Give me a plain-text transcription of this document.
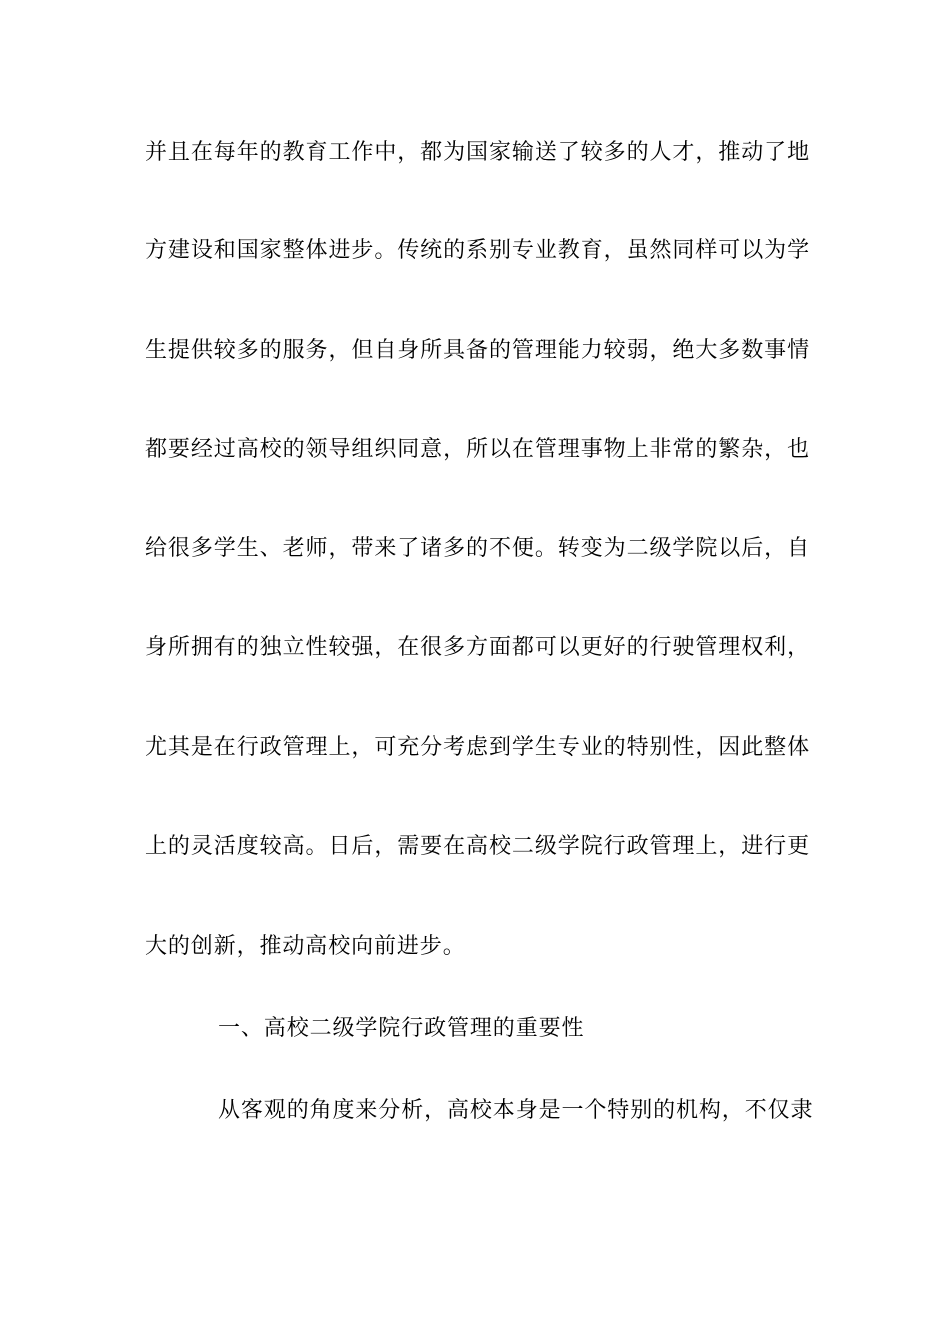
并且在每年的教育工作中，都为国家输送了较多的人才，推动了地
方建设和国家整体进步。传统的系别专业教育，虽然同样可以为学
生提供较多的服务，但自身所具备的管理能力较弱，绝大多数事情
都要经过高校的领导组织同意，所以在管理事物上非常的繁杂，也
给很多学生、老师，带来了诸多的不便。转变为二级学院以后，自
身所拥有的独立性较强，在很多方面都可以更好的行驶管理权利，
尤其是在行政管理上，可充分考虑到学生专业的特别性，因此整体
上的灵活度较高。日后，需要在高校二级学院行政管理上，进行更
大的创新，推动高校向前进步。
一、高校二级学院行政管理的重要性
从客观的角度来分析，高校本身是一个特别的机构，不仅隶
